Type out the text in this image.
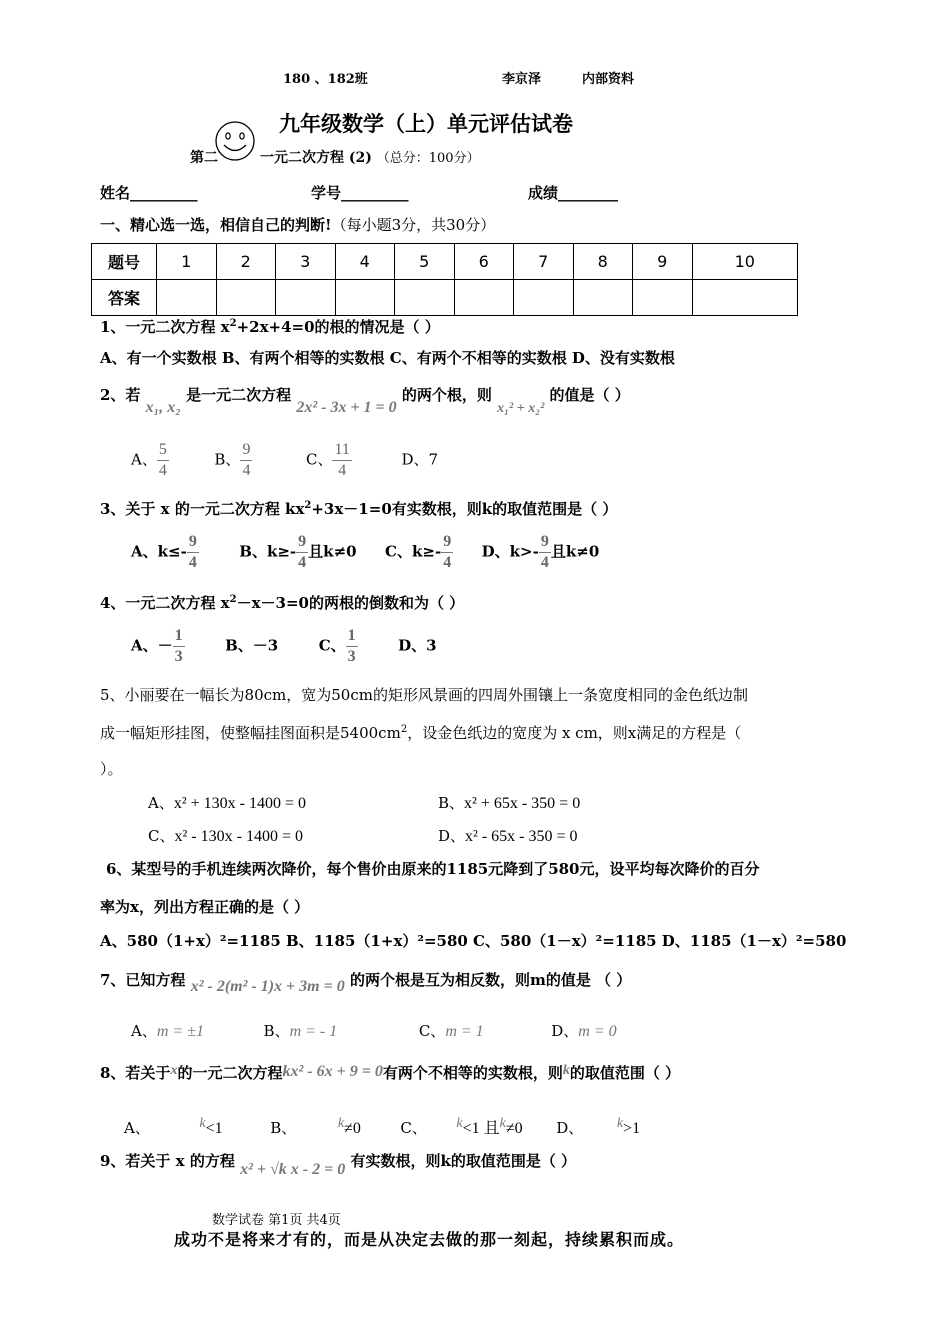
180 、182班	李京泽	内部资料
九年级数学（上）单元评估试卷
第二	一元二次方程 (2) （总分：100分）
姓名_________	学号_________	成绩________
一、精心选一选，相信自己的判断!（每小题3分，共30分）
题号	1	2	3	4	5	6	7	8	9	10
答案										
1、一元二次方程 $x^2+2x+4=0$的根的情况是（ ）
A、有一个实数根 B、有两个相等的实数根 C、有两个不相等的实数根 D、没有实数根
2、若 x₁, x₂ 是一元二次方程 2x² - 3x + 1 = 0 的两个根，则 x₁² + x₂² 的值是（ ）
A、 $\frac{5}{4}$	B、 $\frac{9}{4}$	C、 $\frac{11}{4}$	D、7
3、关于 x 的一元二次方程 $kx^2+3x-1=0$有实数根，则k的取值范围是（ ）
A、$k\le- \frac{9}{4}$	B、$k\ge- \frac{9}{4}$ 且k≠0 C、$k\ge- \frac{9}{4}$ D、$k>- \frac{9}{4}$ 且k≠0
4、一元二次方程 $x^2-x-3=0$的两根的倒数和为（ ）
A、－ $\frac{1}{3}$	B、－3	C、 $\frac{1}{3}$	D、3
5、小丽要在一幅长为80cm，宽为50cm的矩形风景画的四周外围镶上一条宽度相同的金色纸边制
成一幅矩形挂图，使整幅挂图面积是$5400cm^2$，设金色纸边的宽度为 x cm，则x满足的方程是（
）。
A、x² + 130x - 1400 = 0	B、x² + 65x - 350 = 0
C、x² - 130x - 1400 = 0	D、x² - 65x - 350 = 0
6、某型号的手机连续两次降价，每个售价由原来的1185元降到了580元，设平均每次降价的百分
率为x，列出方程正确的是（ ）
A、580（1+x）²=1185 B、1185（1+x）²=580 C、580（1－x）²=1185 D、1185（1－x）²=580
7、已知方程 x² - 2(m² - 1)x + 3m = 0 的两个根是互为相反数，则m的值是 （ ）
A、m = ±1	B、m = - 1	C、m = 1	D、m = 0
8、若关于x的一元二次方程kx² - 6x + 9 = 0有两个不相等的实数根，则k的取值范围（ ）
A、	k<1	B、	k≠0	C、 k<1 且k≠0 D、 k>1
9、若关于 x 的方程 x² + √k x - 2 = 0 有实数根，则k的取值范围是（ ）
数学试卷 第1页 共4页
成功不是将来才有的，而是从决定去做的那一刻起，持续累积而成。
